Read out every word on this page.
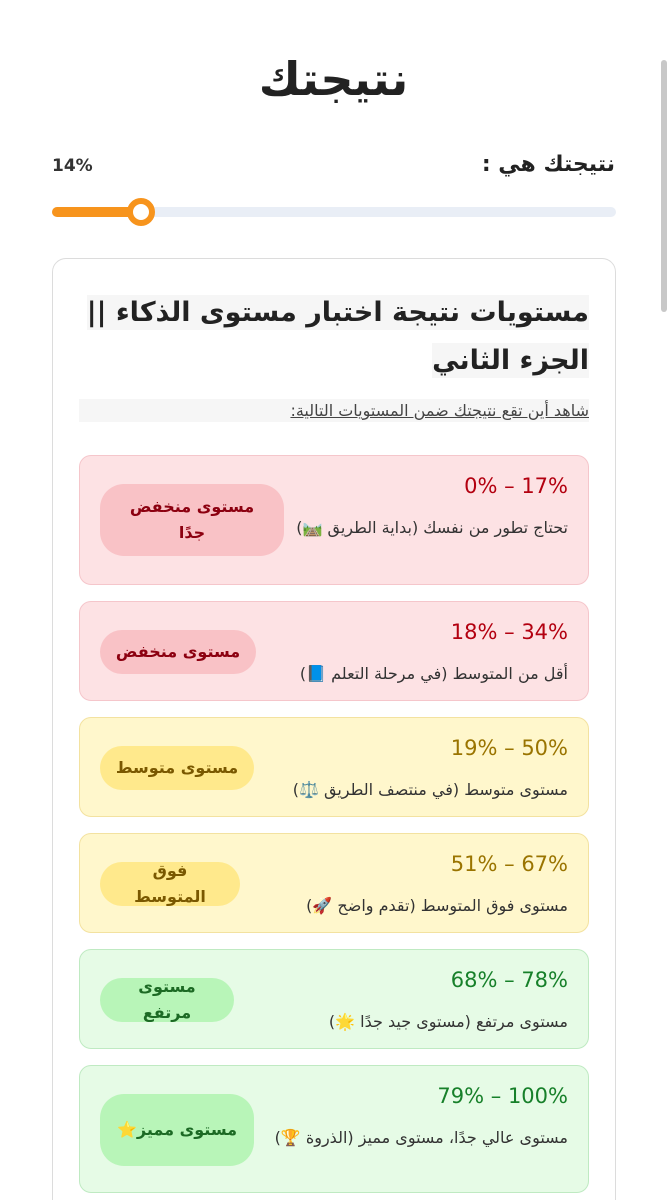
نتيجتك
نتيجتك هي :
14%
مستويات نتيجة اختبار مستوى الذكاء ||
الجزء الثاني
شاهد أين تقع نتيجتك ضمن المستويات التالية:
0% – 17%
تحتاج تطور من نفسك (بداية الطريق 🛤️)
مستوى منخفض جدًا
18% – 34%
أقل من المتوسط (في مرحلة التعلم 📘)
مستوى منخفض
19% – 50%
مستوى متوسط (في منتصف الطريق ⚖️)
مستوى متوسط
51% – 67%
مستوى فوق المتوسط (تقدم واضح 🚀)
فوق المتوسط
68% – 78%
مستوى مرتفع (مستوى جيد جدًا 🌟)
مستوى مرتفع
79% – 100%
مستوى عالي جدًا، مستوى مميز (الذروة 🏆)
مستوى مميز⭐
